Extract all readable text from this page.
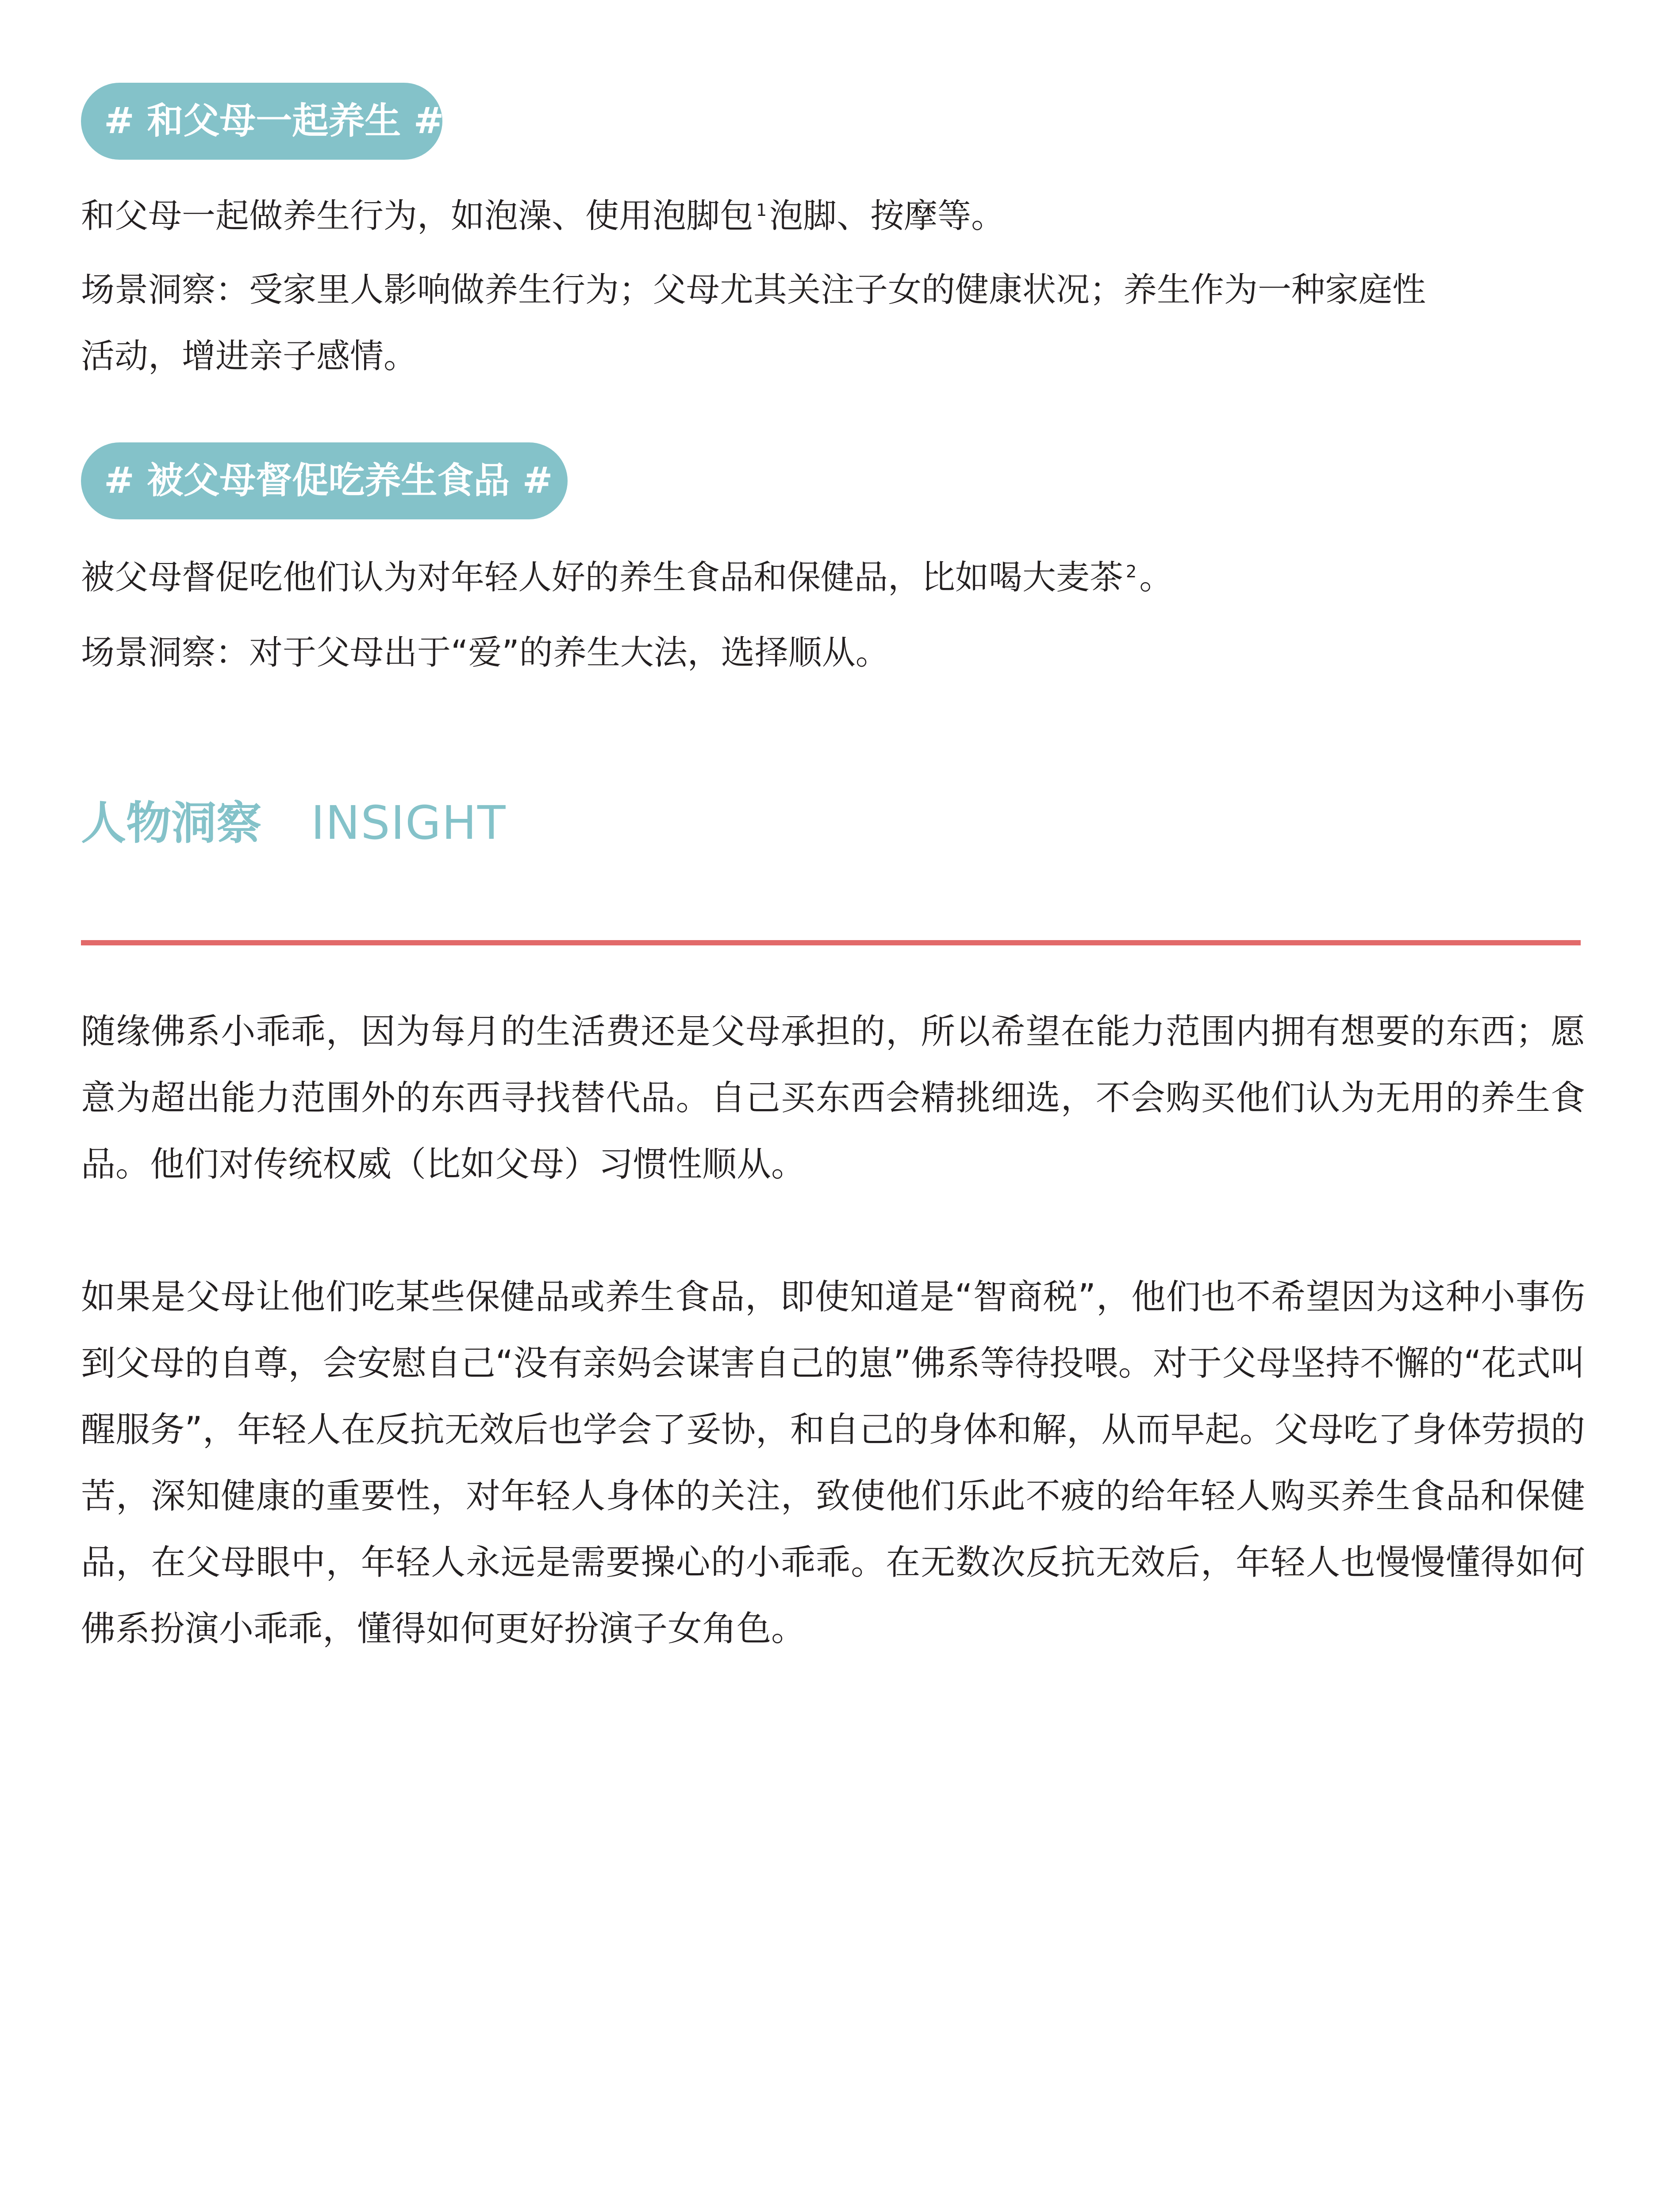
# 和父母一起养生 #
和父母一起做养生行为，如泡澡、使用泡脚包 $^1$泡脚、按摩等。
场景洞察：受家里人影响做养生行为；父母尤其关注子女的健康状况；养生作为一种家庭性
活动，增进亲子感情。
# 被父母督促吃养生食品 #
被父母督促吃他们认为对年轻人好的养生食品和保健品，比如喝大麦茶 $^2$。
场景洞察：对于父母出于“爱”的养生大法，选择顺从。
人物洞察 INSIGHT

随缘佛系小乖乖，因为每月的生活费还是父母承担的，所以希望在能力范围内拥有想要的东西；愿意为超出能力范围外的东西寻找替代品。自己买东西会精挑细选，不会购买他们认为无用的养生食品。他们对传统权威（比如父母）习惯性顺从。

如果是父母让他们吃某些保健品或养生食品，即使知道是“智商税”，他们也不希望因为这种小事伤到父母的自尊，会安慰自己“没有亲妈会谋害自己的崽”佛系等待投喂。对于父母坚持不懈的“花式叫醒服务”，年轻人在反抗无效后也学会了妥协，和自己的身体和解，从而早起。父母吃了身体劳损的苦，深知健康的重要性，对年轻人身体的关注，致使他们乐此不疲的给年轻人购买养生食品和保健品，在父母眼中，年轻人永远是需要操心的小乖乖。在无数次反抗无效后，年轻人也慢慢懂得如何佛系扮演小乖乖，懂得如何更好扮演子女角色。
